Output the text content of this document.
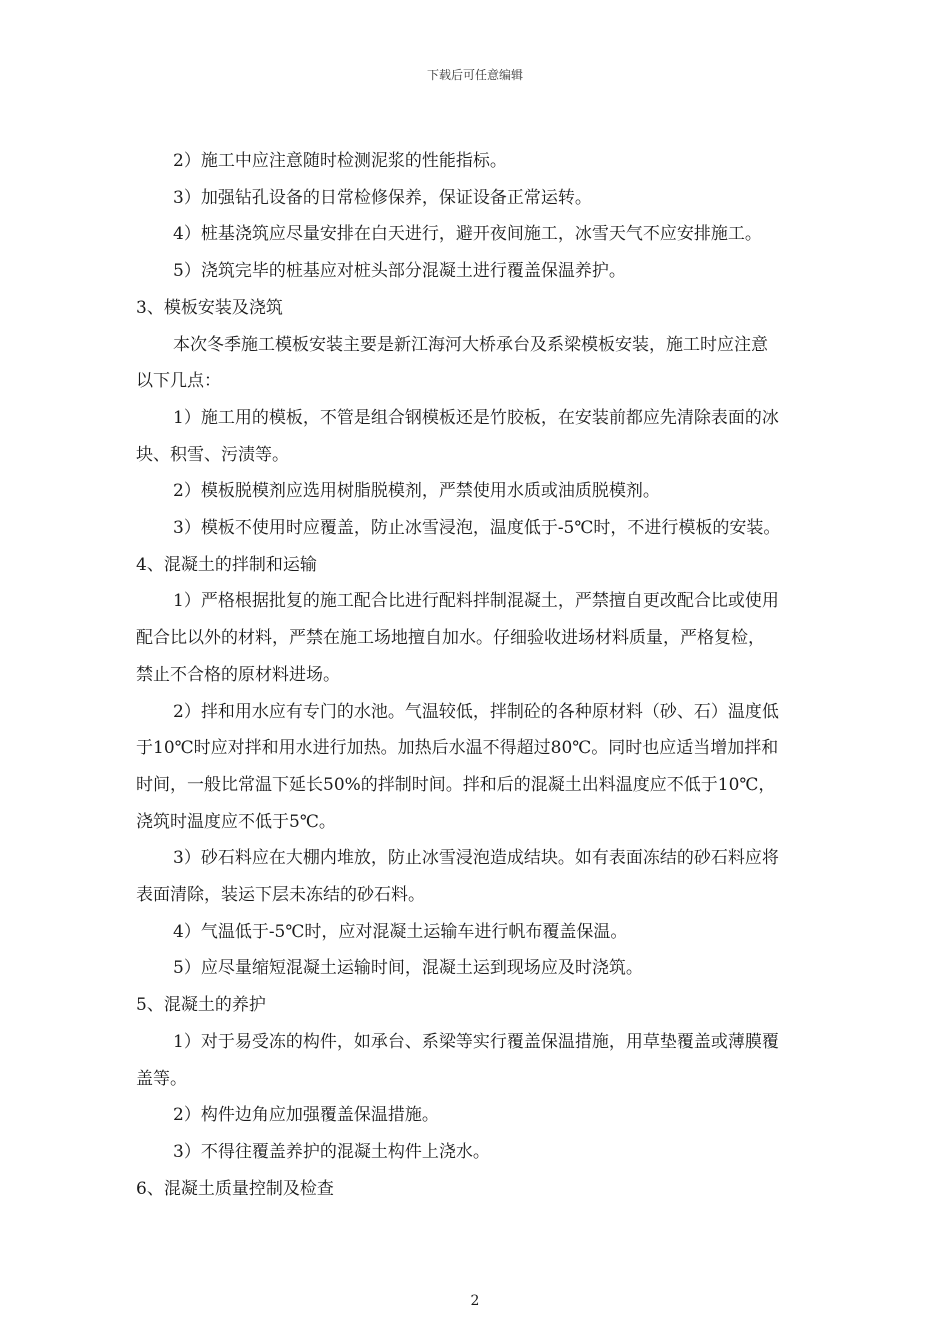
下载后可任意编辑
2）施工中应注意随时检测泥浆的性能指标。
3）加强钻孔设备的日常检修保养，保证设备正常运转。
4）桩基浇筑应尽量安排在白天进行，避开夜间施工，冰雪天气不应安排施工。
5）浇筑完毕的桩基应对桩头部分混凝土进行覆盖保温养护。
3、模板安装及浇筑
本次冬季施工模板安装主要是新江海河大桥承台及系梁模板安装，施工时应注意
以下几点：
1）施工用的模板，不管是组合钢模板还是竹胶板，在安装前都应先清除表面的冰
块、积雪、污渍等。
2）模板脱模剂应选用树脂脱模剂，严禁使用水质或油质脱模剂。
3）模板不使用时应覆盖，防止冰雪浸泡，温度低于-5℃时，不进行模板的安装。
4、混凝土的拌制和运输
1）严格根据批复的施工配合比进行配料拌制混凝土，严禁擅自更改配合比或使用
配合比以外的材料，严禁在施工场地擅自加水。仔细验收进场材料质量，严格复检，
禁止不合格的原材料进场。
2）拌和用水应有专门的水池。气温较低，拌制砼的各种原材料（砂、石）温度低
于10℃时应对拌和用水进行加热。加热后水温不得超过80℃。同时也应适当增加拌和
时间，一般比常温下延长50%的拌制时间。拌和后的混凝土出料温度应不低于10℃，
浇筑时温度应不低于5℃。
3）砂石料应在大棚内堆放，防止冰雪浸泡造成结块。如有表面冻结的砂石料应将
表面清除，装运下层未冻结的砂石料。
4）气温低于-5℃时，应对混凝土运输车进行帆布覆盖保温。
5）应尽量缩短混凝土运输时间，混凝土运到现场应及时浇筑。
5、混凝土的养护
1）对于易受冻的构件，如承台、系梁等实行覆盖保温措施，用草垫覆盖或薄膜覆
盖等。
2）构件边角应加强覆盖保温措施。
3）不得往覆盖养护的混凝土构件上浇水。
6、混凝土质量控制及检查
2
